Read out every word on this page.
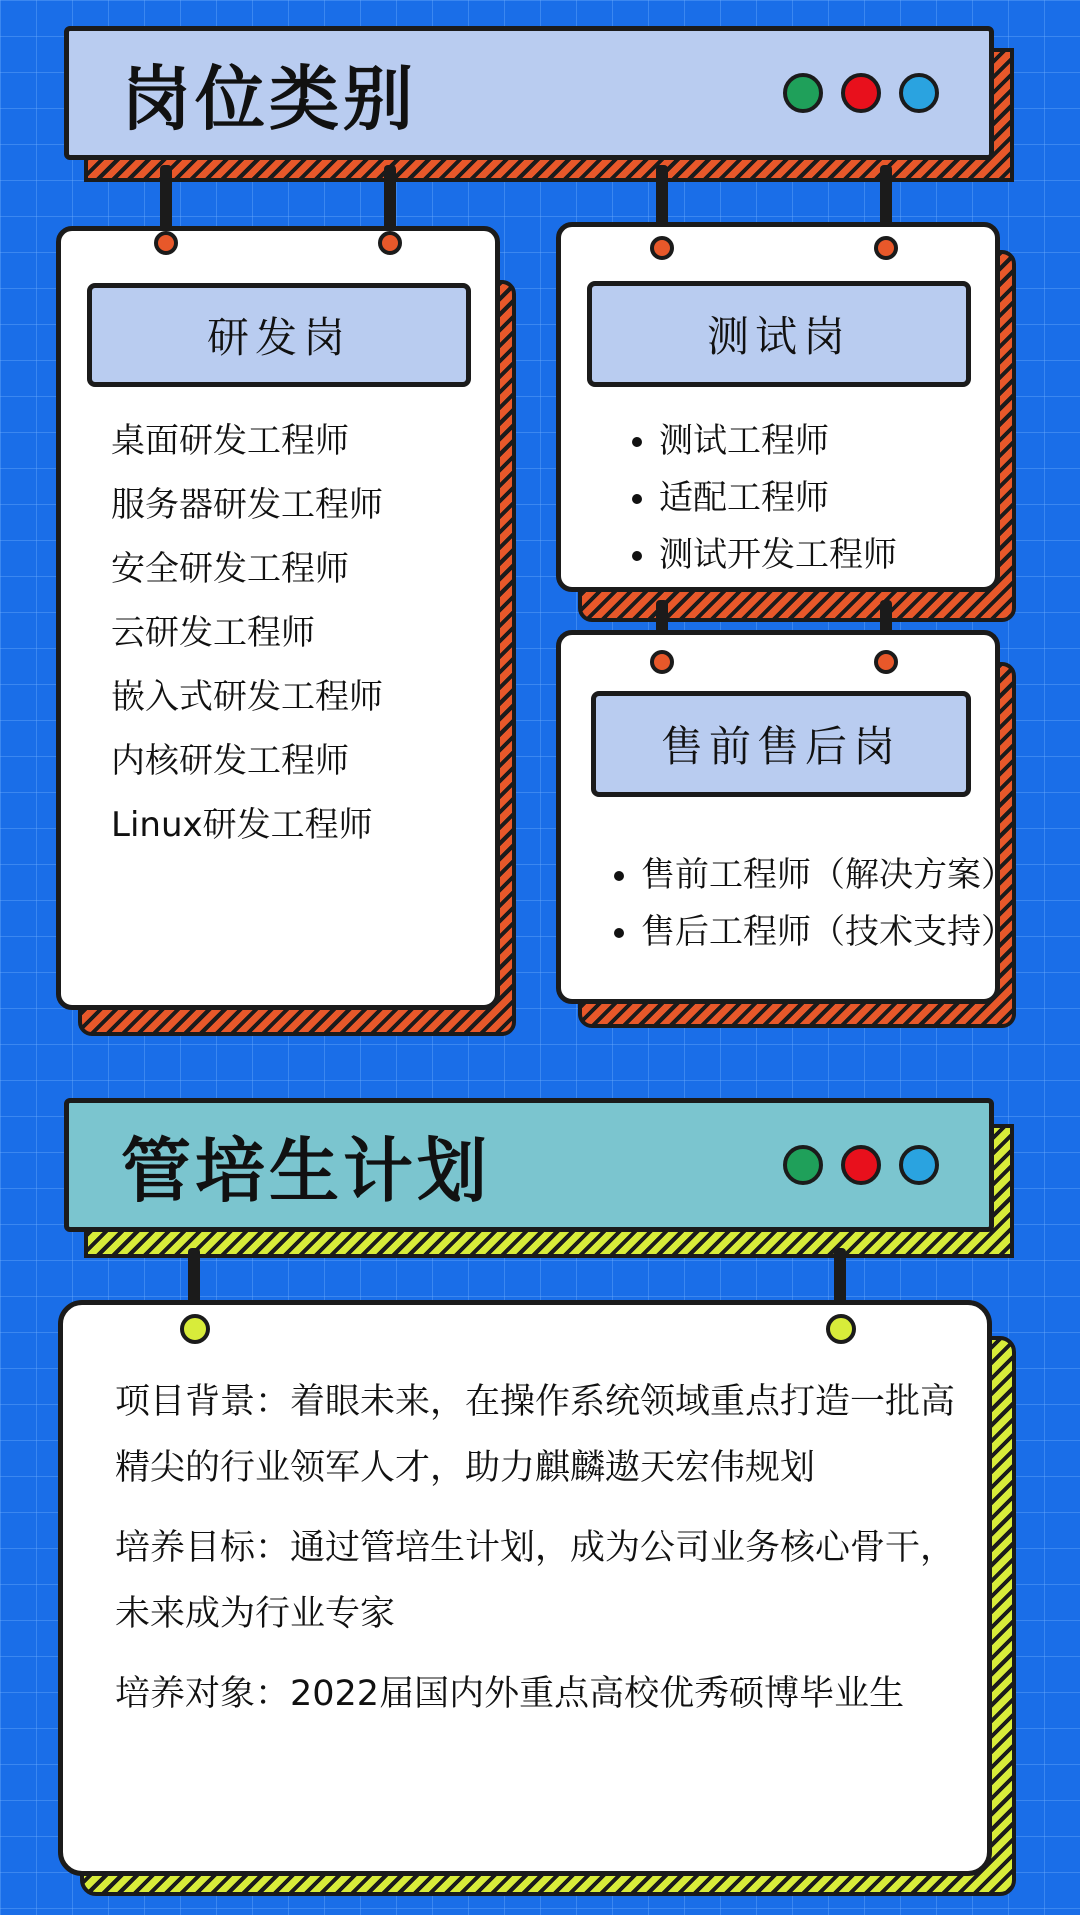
岗位类别
研发岗
桌面研发工程师
服务器研发工程师
安全研发工程师
云研发工程师
嵌入式研发工程师
内核研发工程师
Linux研发工程师
测试岗
• 测试工程师
• 适配工程师
• 测试开发工程师
售前售后岗
• 售前工程师（解决方案）
• 售后工程师（技术支持）
管培生计划

项目背景：着眼未来，在操作系统领域重点打造一批高精尖的行业领军人才，助力麒麟遨天宏伟规划

培养目标：通过管培生计划，成为公司业务核心骨干，未来成为行业专家

培养对象：2022届国内外重点高校优秀硕博毕业生
